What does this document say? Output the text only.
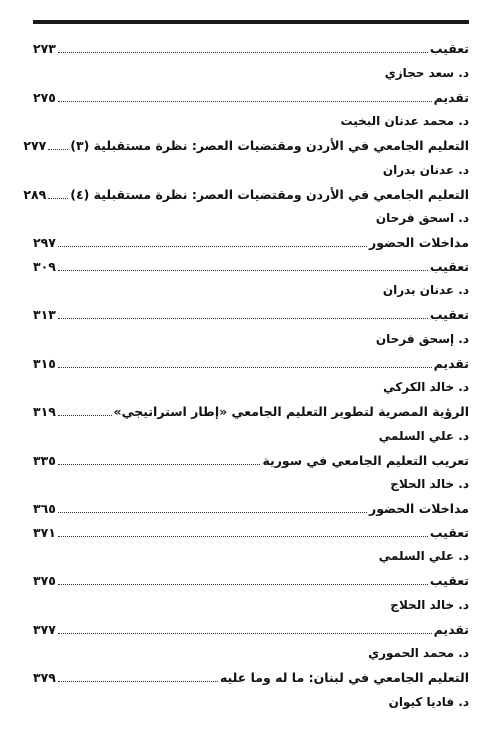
تعقيب
٢٧٣
د. سعد حجازي
تقديم
٢٧٥
د. محمد عدنان البخيت
التعليم الجامعي في الأردن ومقتضيات العصر: نظرة مستقبلية (٣)
٢٧٧
د. عدنان بدران
التعليم الجامعي في الأردن ومقتضيات العصر: نظرة مستقبلية (٤)
٢٨٩
د. اسحق فرحان
مداخلات الحضور
٢٩٧
تعقيب
٣٠٩
د. عدنان بدران
تعقيب
٣١٣
د. إسحق فرحان
تقديم
٣١٥
د. خالد الكركي
الرؤية المصرية لتطوير التعليم الجامعي «إطار استراتيجي»
٣١٩
د. علي السلمي
تعريب التعليم الجامعي في سورية
٣٣٥
د. خالد الحلاج
مداخلات الحضور
٣٦٥
تعقيب
٣٧١
د. علي السلمي
تعقيب
٣٧٥
د. خالد الحلاج
تقديم
٣٧٧
د. محمد الحموري
التعليم الجامعي في لبنان: ما له وما عليه
٣٧٩
د. فاديا كيوان
